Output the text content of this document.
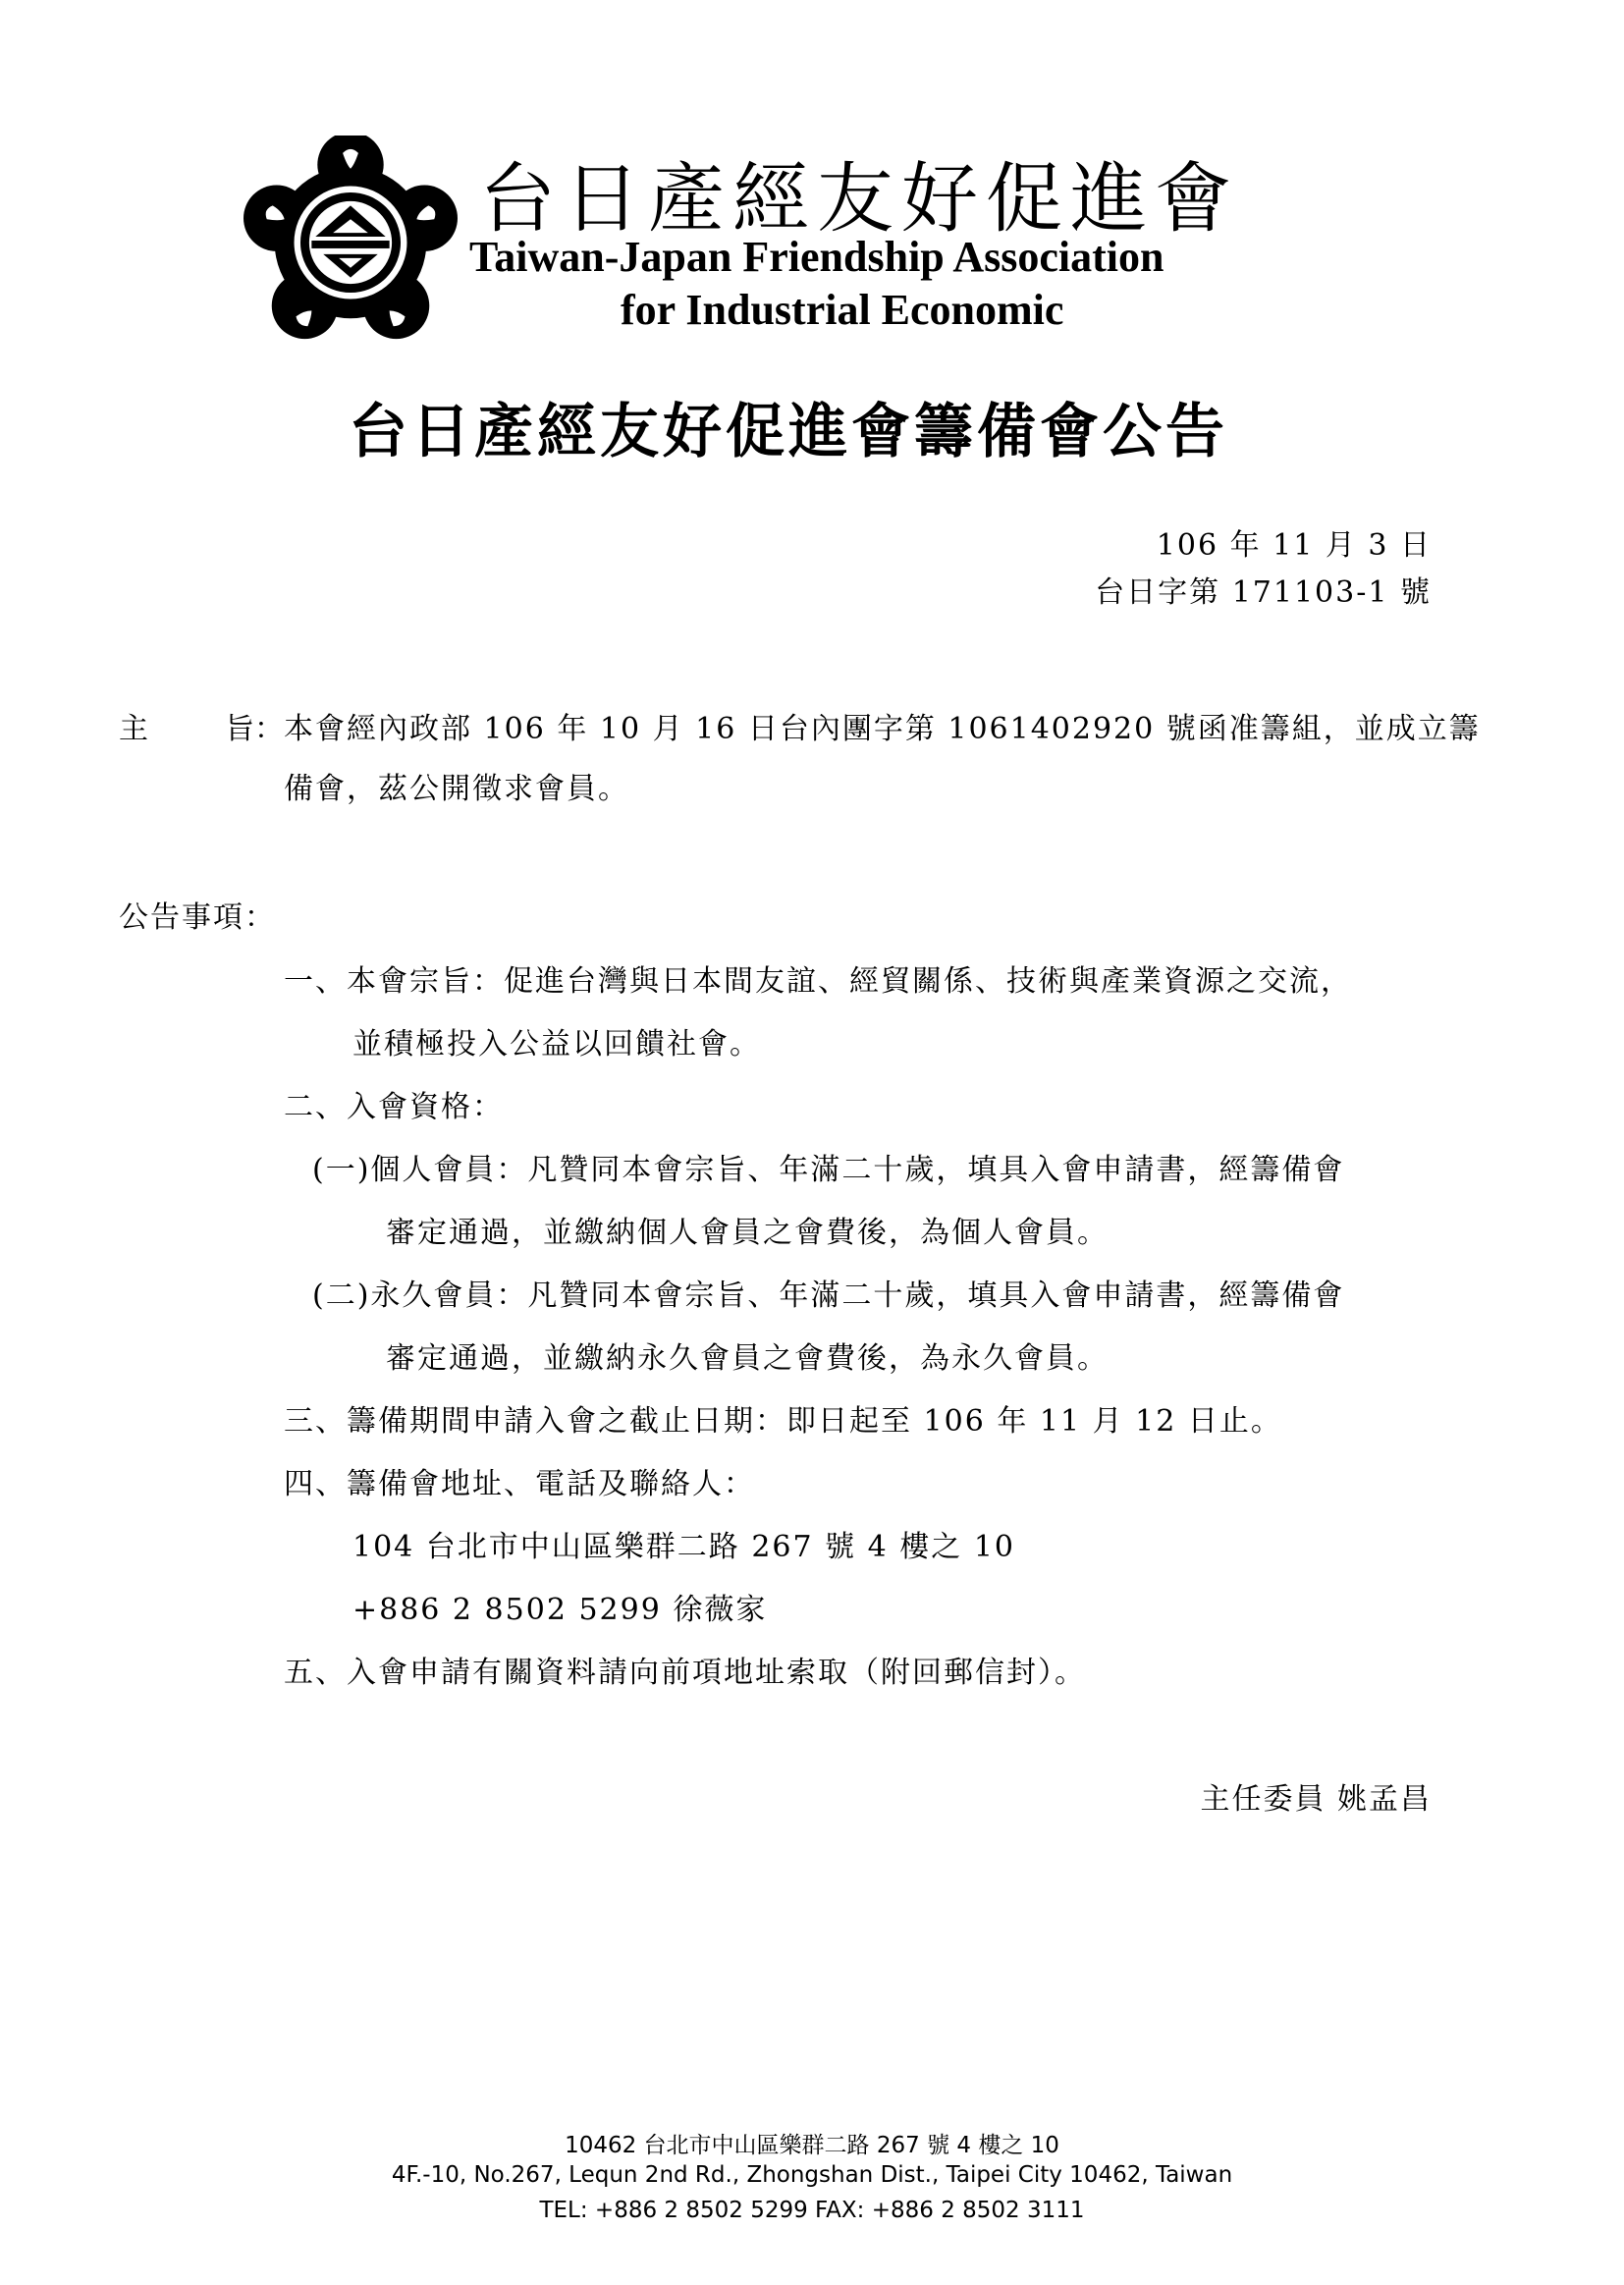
台日產經友好促進會
Taiwan-Japan Friendship Association
for Industrial Economic
台日產經友好促進會籌備會公告
106 年 11 月 3 日
台日字第 171103-1 號
主	旨： 本會經內政部 106 年 10 月 16 日台內團字第 1061402920 號函准籌組，並成立籌
備會，茲公開徵求會員。
公告事項：
一、本會宗旨：促進台灣與日本間友誼、經貿關係、技術與產業資源之交流，
並積極投入公益以回饋社會。
二、入會資格：
(一)個人會員：凡贊同本會宗旨、年滿二十歲，填具入會申請書，經籌備會
審定通過，並繳納個人會員之會費後，為個人會員。
(二)永久會員：凡贊同本會宗旨、年滿二十歲，填具入會申請書，經籌備會
審定通過，並繳納永久會員之會費後，為永久會員。
三、籌備期間申請入會之截止日期：即日起至 106 年 11 月 12 日止。
四、籌備會地址、電話及聯絡人：
104 台北市中山區樂群二路 267 號 4 樓之 10
+886 2 8502 5299 徐薇家
五、入會申請有關資料請向前項地址索取（附回郵信封）。
主任委員 姚孟昌
10462 台北市中山區樂群二路 267 號 4 樓之 10
4F.-10, No.267, Lequn 2nd Rd., Zhongshan Dist., Taipei City 10462, Taiwan
TEL: +886 2 8502 5299 FAX: +886 2 8502 3111
